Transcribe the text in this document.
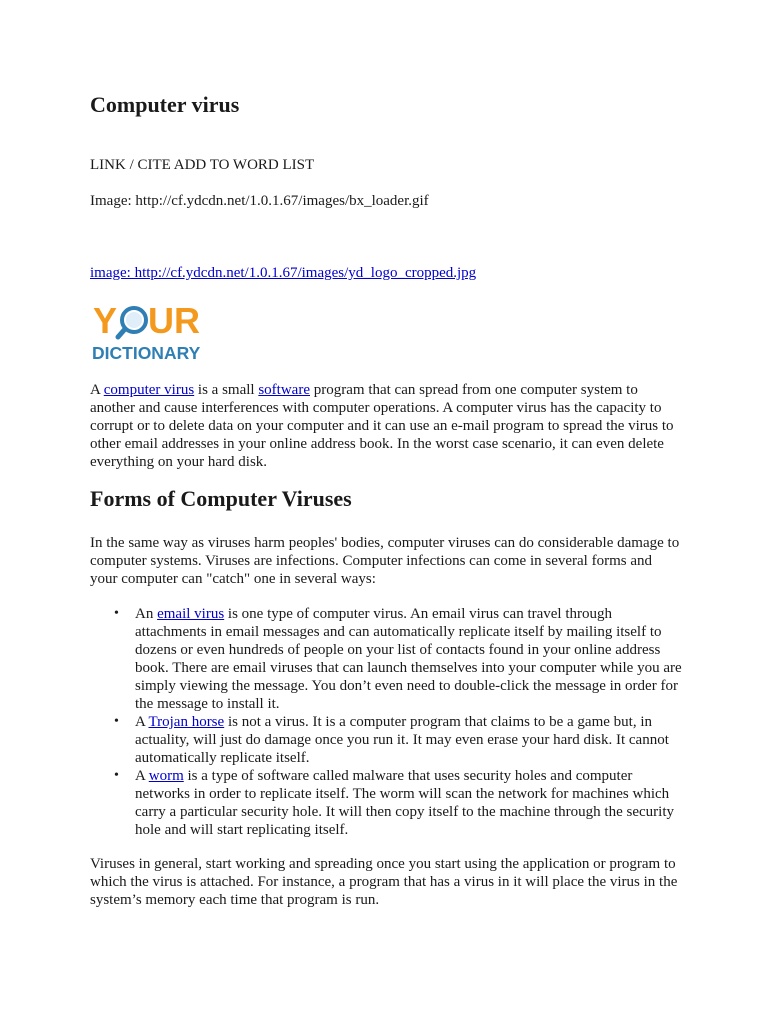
Computer virus

LINK / CITE ADD TO WORD LIST

Image: http://cf.ydcdn.net/1.0.1.67/images/bx_loader.gif

image: http://cf.ydcdn.net/1.0.1.67/images/yd_logo_cropped.jpg

Y UR
DICTIONARY

A computer virus is a small software program that can spread from one computer system to another and cause interferences with computer operations. A computer virus has the capacity to corrupt or to delete data on your computer and it can use an e-mail program to spread the virus to other email addresses in your online address book. In the worst case scenario, it can even delete everything on your hard disk.

Forms of Computer Viruses

In the same way as viruses harm peoples' bodies, computer viruses can do considerable damage to computer systems. Viruses are infections. Computer infections can come in several forms and your computer can "catch" one in several ways:

• An email virus is one type of computer virus. An email virus can travel through attachments in email messages and can automatically replicate itself by mailing itself to dozens or even hundreds of people on your list of contacts found in your online address book. There are email viruses that can launch themselves into your computer while you are simply viewing the message. You don’t even need to double-click the message in order for the message to install it.
• A Trojan horse is not a virus. It is a computer program that claims to be a game but, in actuality, will just do damage once you run it. It may even erase your hard disk. It cannot automatically replicate itself.
• A worm is a type of software called malware that uses security holes and computer networks in order to replicate itself. The worm will scan the network for machines which carry a particular security hole. It will then copy itself to the machine through the security hole and will start replicating itself.

Viruses in general, start working and spreading once you start using the application or program to which the virus is attached. For instance, a program that has a virus in it will place the virus in the system’s memory each time that program is run.
